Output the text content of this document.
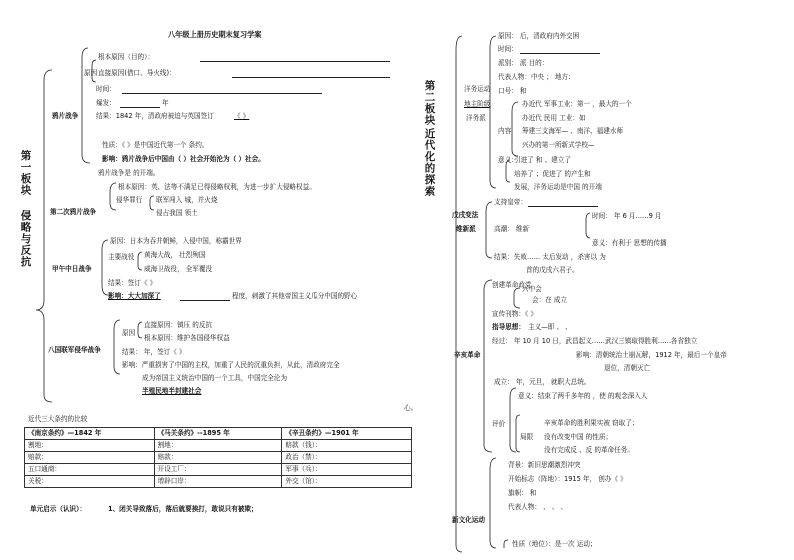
八年级上册历史期末复习学案
第一板块
侵略与反抗
鸦片战争
根本原因（目的）：
原因 直接原因(借口、导火线)：
时间：
爆发：	年
结果：1842 年，清政府被迫与英国签订	《 》
性质：《 》是中国近代第一个 条约。
影响：鸦片战争后中国由（ ）社会开始沦为（ ）社会。
鸦片战争是 的开端。
第二次鸦片战争
根本原因：英、法等不满足已得侵略权利，为进一步扩大侵略权益。
侵华罪行 联军闯入 城，并火烧
侵占我国 领土
甲午中日战争
原因：日本为吞并朝鲜，入侵中国，称霸世界
主要战役 黄海大战， 壮烈殉国
威海卫战役， 全军覆没
结果：签订《 》
影响：大大加深了	程度，刺激了其他帝国主义瓜分中国的野心
八国联军侵华战争
原因
直接原因：镇压 的反抗
根本原因：维护各国侵华权益
结果： 年，签订《 》
影响：严重损害了中国的主权，加重了人民的沉重负担，从此，清政府完全
成为帝国主义统治中国的一个工具，中国完全沦为
半殖民地半封建社会
心。
近代三大条约的比较
《南京条约》—1842 年	《马关条约》--1895 年	《辛丑条约》—1901 年
割地：	割地：	赔款（钱）：
赔款：	赔款：	政治（禁）：
五口通商：	开设工厂：	军事（兵）：
关税：	增辟口岸：	外交（馆）：
单元启示（认识）：	1、闭关导致落后，落后就要挨打，敢说只有被欺；
第二板块
近代化的探索
洋务运动
地主阶级
洋务派
原因： 后，清政府内外交困
时间：
派别： 派 目的：
代表人物：中央 ； 地方：
口号： 和
内容
办近代 军事工业：第一 ，最大的一个
办近代 民用 工业：如
筹建三支海军— 、南洋、福建水师
兴办的第一所新式学校—
意义：
引进了 和 、建立了
培养了 ；促进了 的产生和
发展，洋务运动是中国 的开端
戊戌变法
维新派
支持皇帝：
高潮： 维新
时间： 年 6 月……9 月
意义：有利于 思想的传播
结果：失败…… 太后发动 ，杀害以 为
首的戊戌六君子。
辛亥革命
创建革命政党
兴中会
会：在 成立
宣传刊物：《 》
指导思想： 主义—即 、 、
经过： 年 10 月 10 日，武昌起义……武汉三镇取得胜利……各省独立
影响：清朝统治土崩瓦解，1912 年，最后一个皇帝
退位，清朝灭亡
成立： 年，元旦， 就职大总统。
评价
意义：结束了两千多年的 ，使 的观念深入人
局限
辛亥革命的胜利果实被 窃取了；
没有改变中国 的性质；
没有完成反 、反 的革命任务。
新文化运动
背景：新旧思潮激烈冲突
开始标志（阵地）：1915 年， 创办《 》
旗帜： 和
代表人物： 、 、 、
性质（地位）：是一次 运动；
